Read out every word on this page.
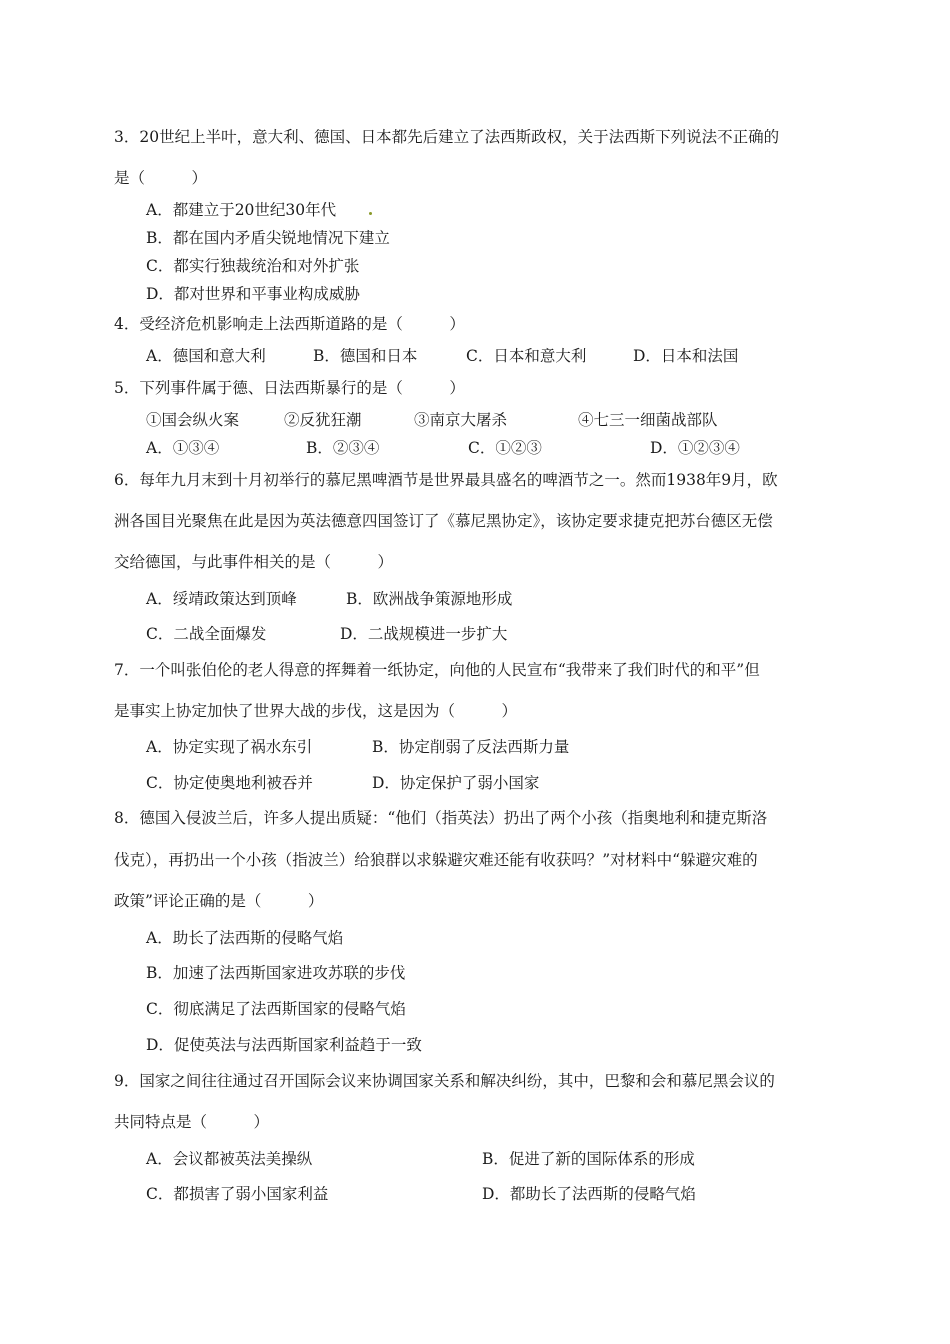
3．20世纪上半叶，意大利、德国、日本都先后建立了法西斯政权，关于法西斯下列说法不正确的
是（　　　）
A．都建立于20世纪30年代
B．都在国内矛盾尖锐地情况下建立
C．都实行独裁统治和对外扩张
D．都对世界和平事业构成威胁
4．受经济危机影响走上法西斯道路的是（　　　）
A．德国和意大利	B．德国和日本	C．日本和意大利	D．日本和法国
5．下列事件属于德、日法西斯暴行的是（　　　）
①国会纵火案	②反犹狂潮	③南京大屠杀	④七三一细菌战部队
A．①③④	B．②③④	C．①②③	D．①②③④
6．每年九月末到十月初举行的慕尼黑啤酒节是世界最具盛名的啤酒节之一。然而1938年9月，欧
洲各国目光聚焦在此是因为英法德意四国签订了《慕尼黑协定》，该协定要求捷克把苏台德区无偿
交给德国，与此事件相关的是（　　　）
A．绥靖政策达到顶峰	B．欧洲战争策源地形成
C．二战全面爆发	D．二战规模进一步扩大
7．一个叫张伯伦的老人得意的挥舞着一纸协定，向他的人民宣布“我带来了我们时代的和平”但
是事实上协定加快了世界大战的步伐，这是因为（　　　）
A．协定实现了祸水东引	B．协定削弱了反法西斯力量
C．协定使奥地利被吞并	D．协定保护了弱小国家
8．德国入侵波兰后，许多人提出质疑：“他们（指英法）扔出了两个小孩（指奥地利和捷克斯洛
伐克），再扔出一个小孩（指波兰）给狼群以求躲避灾难还能有收获吗？”对材料中“躲避灾难的
政策”评论正确的是（　　　）
A．助长了法西斯的侵略气焰
B．加速了法西斯国家进攻苏联的步伐
C．彻底满足了法西斯国家的侵略气焰
D．促使英法与法西斯国家利益趋于一致
9．国家之间往往通过召开国际会议来协调国家关系和解决纠纷，其中，巴黎和会和慕尼黑会议的
共同特点是（　　　）
A．会议都被英法美操纵	B．促进了新的国际体系的形成
C．都损害了弱小国家利益	D．都助长了法西斯的侵略气焰
